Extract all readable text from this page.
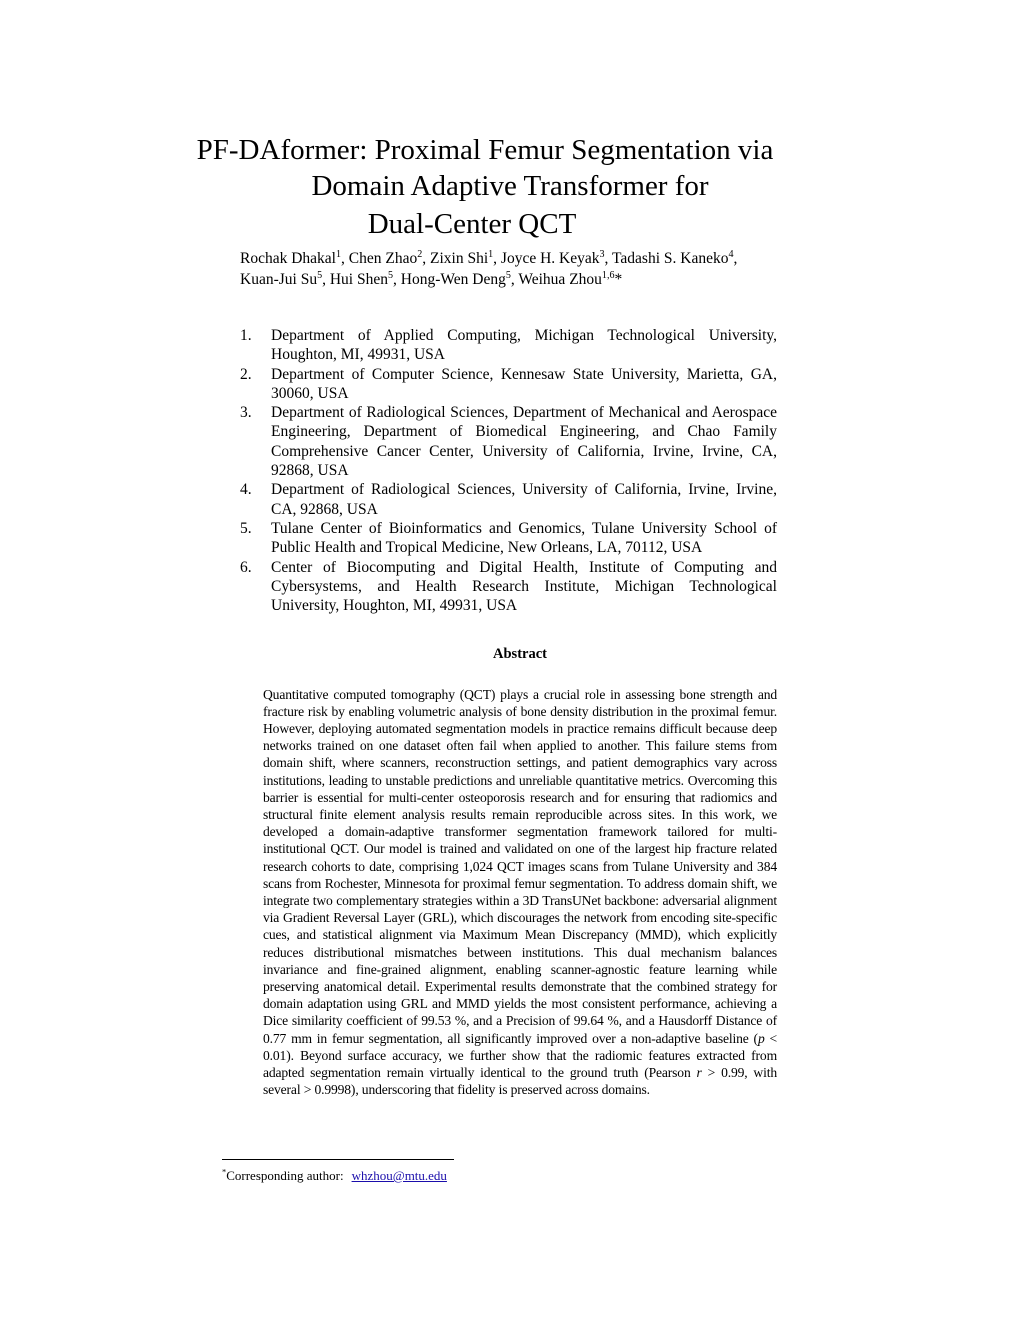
PF-DAformer: Proximal Femur Segmentation via
Domain Adaptive Transformer for
Dual-Center QCT
Rochak Dhakal$^1$, Chen Zhao$^2$, Zixin Shi$^1$, Joyce H. Keyak$^3$, Tadashi S. Kaneko$^4$,
Kuan-Jui Su$^5$, Hui Shen$^5$, Hong-Wen Deng$^5$, Weihua Zhou$^{1,6}$*
1. Department of Applied Computing, Michigan Technological University, Houghton, MI, 49931, USA
2. Department of Computer Science, Kennesaw State University, Marietta, GA, 30060, USA
3. Department of Radiological Sciences, Department of Mechanical and Aerospace Engineering, Department of Biomedical Engineering, and Chao Family Comprehensive Cancer Center, University of California, Irvine, Irvine, CA, 92868, USA
4. Department of Radiological Sciences, University of California, Irvine, Irvine, CA, 92868, USA
5. Tulane Center of Bioinformatics and Genomics, Tulane University School of Public Health and Tropical Medicine, New Orleans, LA, 70112, USA
6. Center of Biocomputing and Digital Health, Institute of Computing and Cybersystems, and Health Research Institute, Michigan Technological University, Houghton, MI, 49931, USA
Abstract

Quantitative computed tomography (QCT) plays a crucial role in assessing bone strength and fracture risk by enabling volumetric analysis of bone density distribution in the proximal femur. However, deploying automated segmentation models in practice remains difficult because deep networks trained on one dataset often fail when applied to another. This failure stems from domain shift, where scanners, reconstruction settings, and patient demographics vary across institutions, leading to unstable predictions and unreliable quantitative metrics. Overcoming this barrier is essential for multi-center osteoporosis research and for ensuring that radiomics and structural finite element analysis results remain reproducible across sites. In this work, we developed a domain-adaptive transformer segmentation framework tailored for multi-institutional QCT. Our model is trained and validated on one of the largest hip fracture related research cohorts to date, comprising 1,024 QCT images scans from Tulane University and 384 scans from Rochester, Minnesota for proximal femur segmentation. To address domain shift, we integrate two complementary strategies within a 3D TransUNet backbone: adversarial alignment via Gradient Reversal Layer (GRL), which discourages the network from encoding site-specific cues, and statistical alignment via Maximum Mean Discrepancy (MMD), which explicitly reduces distributional mismatches between institutions. This dual mechanism balances invariance and fine-grained alignment, enabling scanner-agnostic feature learning while preserving anatomical detail. Experimental results demonstrate that the combined strategy for domain adaptation using GRL and MMD yields the most consistent performance, achieving a Dice similarity coefficient of 99.53 %, and a Precision of 99.64 %, and a Hausdorff Distance of 0.77 mm in femur segmentation, all significantly improved over a non-adaptive baseline (p < 0.01). Beyond surface accuracy, we further show that the radiomic features extracted from adapted segmentation remain virtually identical to the ground truth (Pearson r > 0.99, with several > 0.9998), underscoring that fidelity is preserved across domains.

*Corresponding author: whzhou@mtu.edu
